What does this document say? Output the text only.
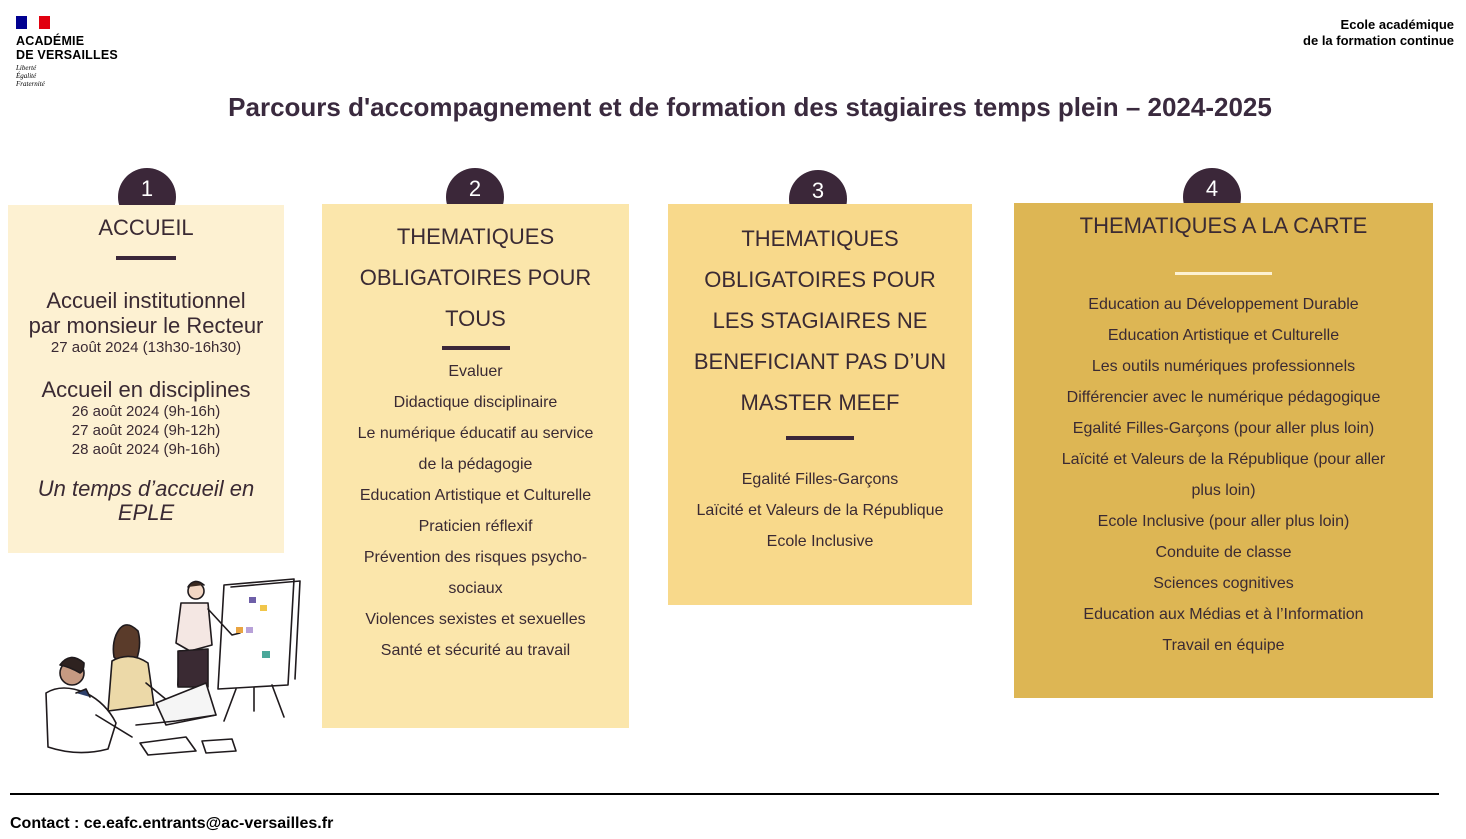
ACADÉMIE
DE VERSAILLES
Liberté
Égalité
Fraternité
Ecole académique
de la formation continue
Parcours d'accompagnement et de formation des stagiaires temps plein – 2024-2025
1
ACCUEIL
Accueil institutionnel
par monsieur le Recteur
27 août 2024 (13h30-16h30)
Accueil en disciplines
26 août 2024 (9h-16h)
27 août 2024 (9h-12h)
28 août 2024 (9h-16h)
Un temps d’accueil en
EPLE
2
THEMATIQUES
OBLIGATOIRES POUR
TOUS
Evaluer
Didactique disciplinaire
Le numérique éducatif au service
de la pédagogie
Education Artistique et Culturelle
Praticien réflexif
Prévention des risques psycho-
sociaux
Violences sexistes et sexuelles
Santé et sécurité au travail
3
THEMATIQUES
OBLIGATOIRES POUR
LES STAGIAIRES NE
BENEFICIANT PAS D’UN
MASTER MEEF
Egalité Filles-Garçons
Laïcité et Valeurs de la République
Ecole Inclusive
4
THEMATIQUES A LA CARTE
Education au Développement Durable
Education Artistique et Culturelle
Les outils numériques professionnels
Différencier avec le numérique pédagogique
Egalité Filles-Garçons (pour aller plus loin)
Laïcité et Valeurs de la République (pour aller
plus loin)
Ecole Inclusive (pour aller plus loin)
Conduite de classe
Sciences cognitives
Education aux Médias et à l’Information
Travail en équipe
Contact : ce.eafc.entrants@ac-versailles.fr
